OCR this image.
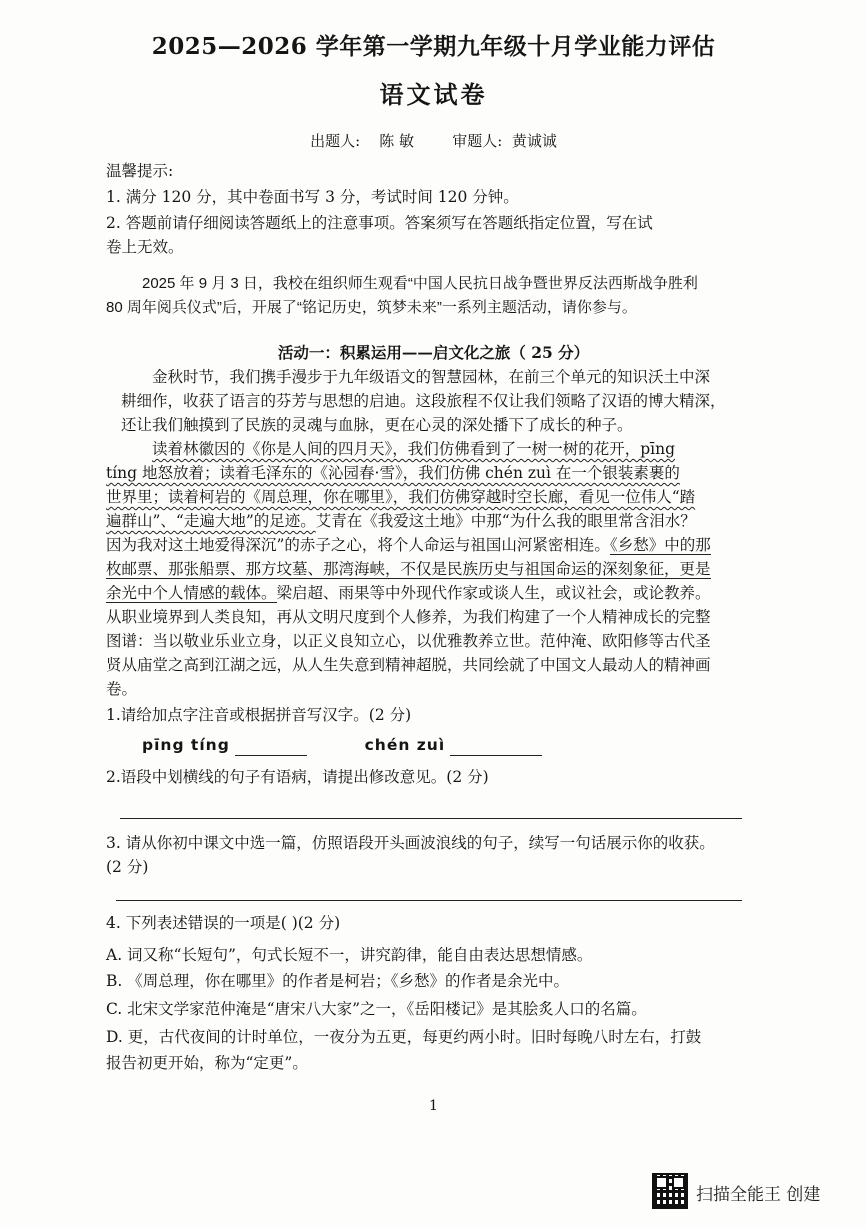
2025—2026 学年第一学期九年级十月学业能力评估
语文试卷
出题人: 陈 敏	审题人: 黄诚诚
温馨提示:
1. 满分 120 分，其中卷面书写 3 分，考试时间 120 分钟。
2. 答题前请仔细阅读答题纸上的注意事项。答案须写在答题纸指定位置，写在试
卷上无效。
2025 年 9 月 3 日，我校在组织师生观看“中国人民抗日战争暨世界反法西斯战争胜利
80 周年阅兵仪式”后，开展了“铭记历史，筑梦未来”一系列主题活动，请你参与。
活动一：积累运用——启文化之旅（ 25 分）
金秋时节，我们携手漫步于九年级语文的智慧园林，在前三个单元的知识沃土中深
耕细作，收获了语言的芬芳与思想的启迪。这段旅程不仅让我们领略了汉语的博大精深，
还让我们触摸到了民族的灵魂与血脉，更在心灵的深处播下了成长的种子。
读着林徽因的《你是人间的四月天》，我们仿佛看到了一树一树的花开，pīng
tíng 地怒放着；读着毛泽东的《沁园春·雪》，我们仿佛 chén zuì 在一个银装素裹的
世界里；读着柯岩的《周总理，你在哪里》，我们仿佛穿越时空长廊，看见一位伟人“踏
遍群山”、“走遍大地”的足迹。艾青在《我爱这土地》中那“为什么我的眼里常含泪水？
因为我对这土地爱得深沉”的赤子之心，将个人命运与祖国山河紧密相连。《乡愁》中的那
枚邮票、那张船票、那方坟墓、那湾海峡，不仅是民族历史与祖国命运的深刻象征，更是
余光中个人情感的载体。梁启超、雨果等中外现代作家或谈人生，或议社会，或论教养。
从职业境界到人类良知，再从文明尺度到个人修养，为我们构建了一个人精神成长的完整
图谱：当以敬业乐业立身，以正义良知立心，以优雅教养立世。范仲淹、欧阳修等古代圣
贤从庙堂之高到江湖之远，从人生失意到精神超脱，共同绘就了中国文人最动人的精神画
卷。
1.请给加点字注音或根据拼音写汉字。(2 分)
pīng tíng	chén zuì
2.语段中划横线的句子有语病，请提出修改意见。(2 分)
3. 请从你初中课文中选一篇，仿照语段开头画波浪线的句子，续写一句话展示你的收获。
(2 分)
4. 下列表述错误的一项是( )(2 分)
A. 词又称“长短句”，句式长短不一，讲究韵律，能自由表达思想情感。
B. 《周总理，你在哪里》的作者是柯岩；《乡愁》的作者是余光中。
C. 北宋文学家范仲淹是“唐宋八大家”之一，《岳阳楼记》是其脍炙人口的名篇。
D. 更，古代夜间的计时单位，一夜分为五更，每更约两小时。旧时每晚八时左右，打鼓
报告初更开始，称为“定更”。
1
扫描全能王 创建
